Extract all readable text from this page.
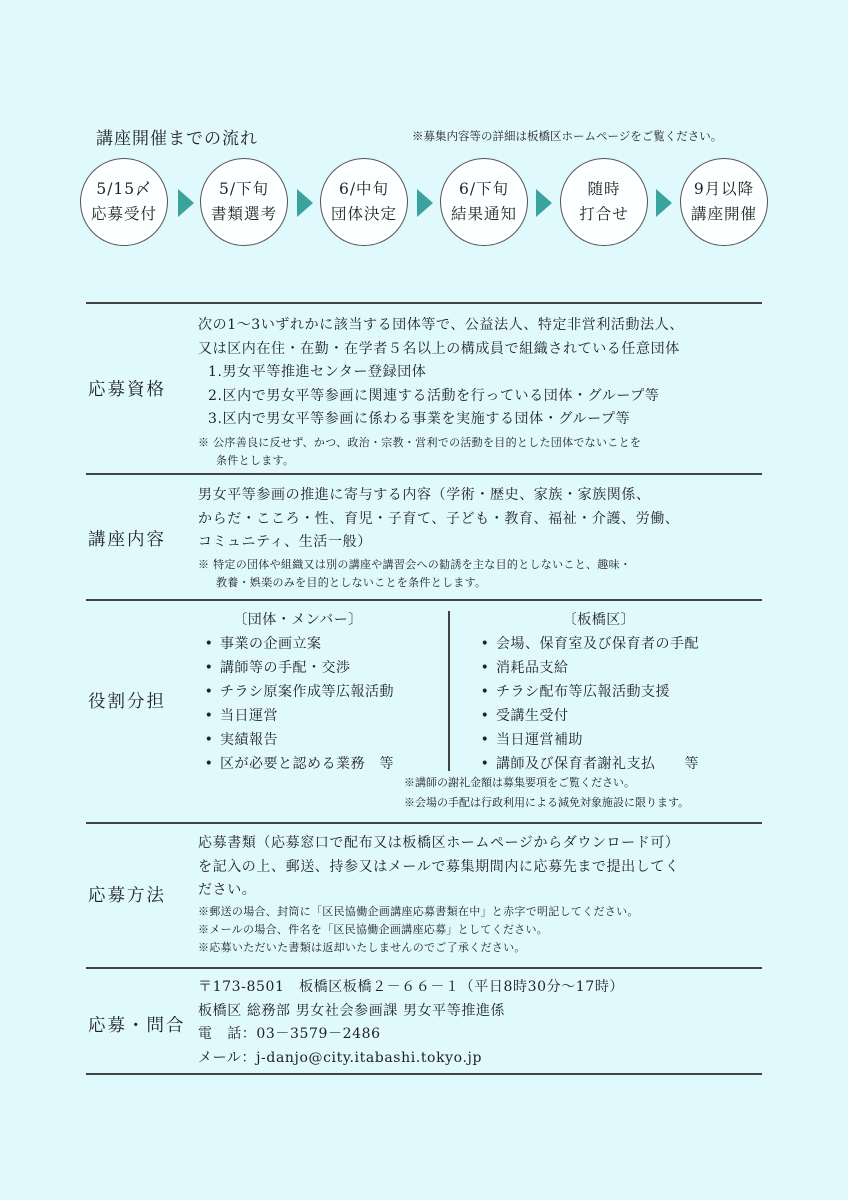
講座開催までの流れ	※募集内容等の詳細は板橋区ホームページをご覧ください。
5/15〆
応募受付
5/下旬
書類選考
6/中旬
団体決定
6/下旬
結果通知
随時
打合せ
9月以降
講座開催
応募資格
次の1～3いずれかに該当する団体等で、公益法人、特定非営利活動法人、
又は区内在住・在勤・在学者５名以上の構成員で組織されている任意団体
1.男女平等推進センター登録団体
2.区内で男女平等参画に関連する活動を行っている団体・グループ等
3.区内で男女平等参画に係わる事業を実施する団体・グループ等
※ 公序善良に反せず、かつ、政治・宗教・営利での活動を目的とした団体でないことを
条件とします。
講座内容
男女平等参画の推進に寄与する内容（学術・歴史、家族・家族関係、
からだ・こころ・性、育児・子育て、子ども・教育、福祉・介護、労働、
コミュニティ、生活一般）
※ 特定の団体や組織又は別の講座や講習会への勧誘を主な目的としないこと、趣味・
教養・娯楽のみを目的としないことを条件とします。
役割分担
〔団体・メンバー〕
• 事業の企画立案
• 講師等の手配・交渉
• チラシ原案作成等広報活動
• 当日運営
• 実績報告
• 区が必要と認める業務　等
〔板橋区〕
• 会場、保育室及び保育者の手配
• 消耗品支給
• チラシ配布等広報活動支援
• 受講生受付
• 当日運営補助
• 講師及び保育者謝礼支払　　等
※講師の謝礼金額は募集要項をご覧ください。
※会場の手配は行政利用による減免対象施設に限ります。
応募方法
応募書類（応募窓口で配布又は板橋区ホームページからダウンロード可）
を記入の上、郵送、持参又はメールで募集期間内に応募先まで提出してく
ださい。
※郵送の場合、封筒に「区民協働企画講座応募書類在中」と赤字で明記してください。
※メールの場合、件名を「区民協働企画講座応募」としてください。
※応募いただいた書類は返却いたしませんのでご了承ください。
応募・問合
〒173-8501　板橋区板橋２－６６－１（平日8時30分～17時）
板橋区 総務部 男女社会参画課 男女平等推進係
電　話：03－3579－2486
メール：j-danjo@city.itabashi.tokyo.jp
